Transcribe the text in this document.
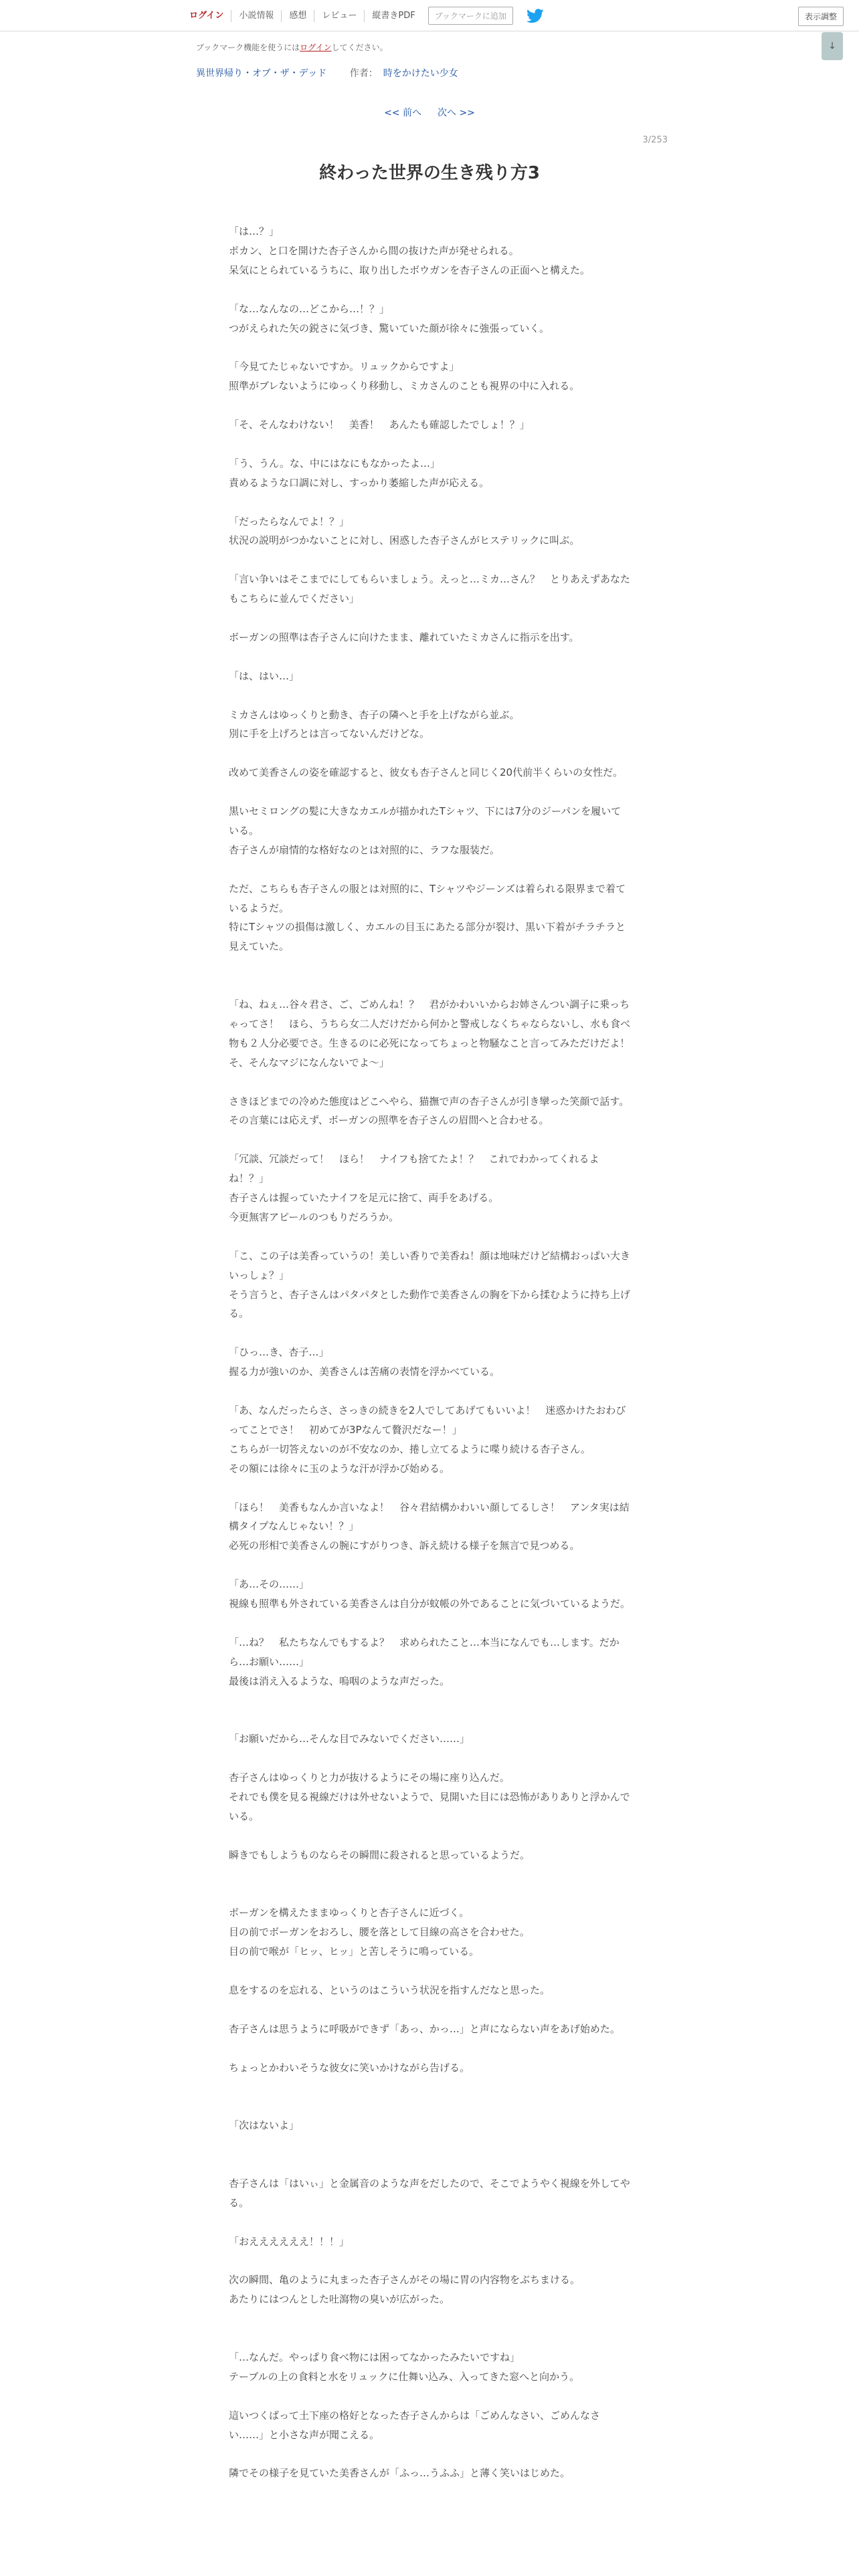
ログイン	小説情報	感想	レビュー	縦書きPDF	ブックマークに追加	表示調整
ブックマーク機能を使うにはログインしてください。
異世界帰り・オブ・ザ・デッド 作者： 時をかけたい少女
↓
<< 前へ 次へ >>
3/253
終わった世界の生き残り方3
「は…？」
ポカン、と口を開けた杏子さんから間の抜けた声が発せられる。
呆気にとられているうちに、取り出したボウガンを杏子さんの正面へと構えた。
「な…なんなの…どこから…！？」
つがえられた矢の鋭さに気づき、驚いていた顔が徐々に強張っていく。
「今見てたじゃないですか。リュックからですよ」
照準がブレないようにゆっくり移動し、ミカさんのことも視界の中に入れる。
「そ、そんなわけない！　美香！　あんたも確認したでしょ！？」
「う、うん。な、中にはなにもなかったよ…」
責めるような口調に対し、すっかり萎縮した声が応える。
「だったらなんでよ！？」
状況の説明がつかないことに対し、困惑した杏子さんがヒステリックに叫ぶ。
「言い争いはそこまでにしてもらいましょう。えっと…ミカ…さん？　とりあえずあなたもこちらに並んでください」
ボーガンの照準は杏子さんに向けたまま、離れていたミカさんに指示を出す。
「は、はい…」
ミカさんはゆっくりと動き、杏子の隣へと手を上げながら並ぶ。
別に手を上げろとは言ってないんだけどな。
改めて美香さんの姿を確認すると、彼女も杏子さんと同じく20代前半くらいの女性だ。
黒いセミロングの髪に大きなカエルが描かれたTシャツ、下には7分のジーパンを履いている。
杏子さんが扇情的な格好なのとは対照的に、ラフな服装だ。
ただ、こちらも杏子さんの服とは対照的に、Tシャツやジーンズは着られる限界まで着ているようだ。
特にTシャツの損傷は激しく、カエルの目玉にあたる部分が裂け、黒い下着がチラチラと見えていた。
「ね、ねぇ…谷々君さ、ご、ごめんね！？　君がかわいいからお姉さんつい調子に乗っちゃってさ！　ほら、うちら女二人だけだから何かと警戒しなくちゃならないし、水も食べ物も２人分必要でさ。生きるのに必死になってちょっと物騒なこと言ってみただけだよ！　そ、そんなマジになんないでよ〜」
さきほどまでの冷めた態度はどこへやら、猫撫で声の杏子さんが引き攣った笑顔で話す。
その言葉には応えず、ボーガンの照準を杏子さんの眉間へと合わせる。
「冗談、冗談だって！　ほら！　ナイフも捨てたよ！？　これでわかってくれるよね！？」
杏子さんは握っていたナイフを足元に捨て、両手をあげる。
今更無害アピールのつもりだろうか。
「こ、この子は美香っていうの！美しい香りで美香ね！顔は地味だけど結構おっぱい大きいっしょ？」
そう言うと、杏子さんはパタパタとした動作で美香さんの胸を下から揉むように持ち上げる。
「ひっ…き、杏子…」
握る力が強いのか、美香さんは苦痛の表情を浮かべている。
「あ、なんだったらさ、さっきの続きを2人でしてあげてもいいよ！　迷惑かけたおわびってことでさ！　初めてが3Pなんて贅沢だなー！」
こちらが一切答えないのが不安なのか、捲し立てるように喋り続ける杏子さん。
その額には徐々に玉のような汗が浮かび始める。
「ほら！　美香もなんか言いなよ！　谷々君結構かわいい顔してるしさ！　アンタ実は結構タイプなんじゃない！？」
必死の形相で美香さんの腕にすがりつき、訴え続ける様子を無言で見つめる。
「あ…その……」
視線も照準も外されている美香さんは自分が蚊帳の外であることに気づいているようだ。
「…ね？　私たちなんでもするよ？　求められたこと…本当になんでも…します。だから…お願い……」
最後は消え入るような、嗚咽のような声だった。
「お願いだから…そんな目でみないでください……」
杏子さんはゆっくりと力が抜けるようにその場に座り込んだ。
それでも僕を見る視線だけは外せないようで、見開いた目には恐怖がありありと浮かんでいる。
瞬きでもしようものならその瞬間に殺されると思っているようだ。
ボーガンを構えたままゆっくりと杏子さんに近づく。
目の前でボーガンをおろし、腰を落として目線の高さを合わせた。
目の前で喉が「ヒッ、ヒッ」と苦しそうに鳴っている。
息をするのを忘れる、というのはこういう状況を指すんだなと思った。
杏子さんは思うように呼吸ができず「あっ、かっ…」と声にならない声をあげ始めた。
ちょっとかわいそうな彼女に笑いかけながら告げる。
「次はないよ」
杏子さんは「はいぃ」と金属音のような声をだしたので、そこでようやく視線を外してやる。
「おええええええ！！！」
次の瞬間、亀のように丸まった杏子さんがその場に胃の内容物をぶちまける。
あたりにはつんとした吐瀉物の臭いが広がった。
「…なんだ。やっぱり食べ物には困ってなかったみたいですね」
テーブルの上の食料と水をリュックに仕舞い込み、入ってきた窓へと向かう。
這いつくばって土下座の格好となった杏子さんからは「ごめんなさい、ごめんなさい……」と小さな声が聞こえる。
隣でその様子を見ていた美香さんが「ふっ…うふふ」と薄く笑いはじめた。
